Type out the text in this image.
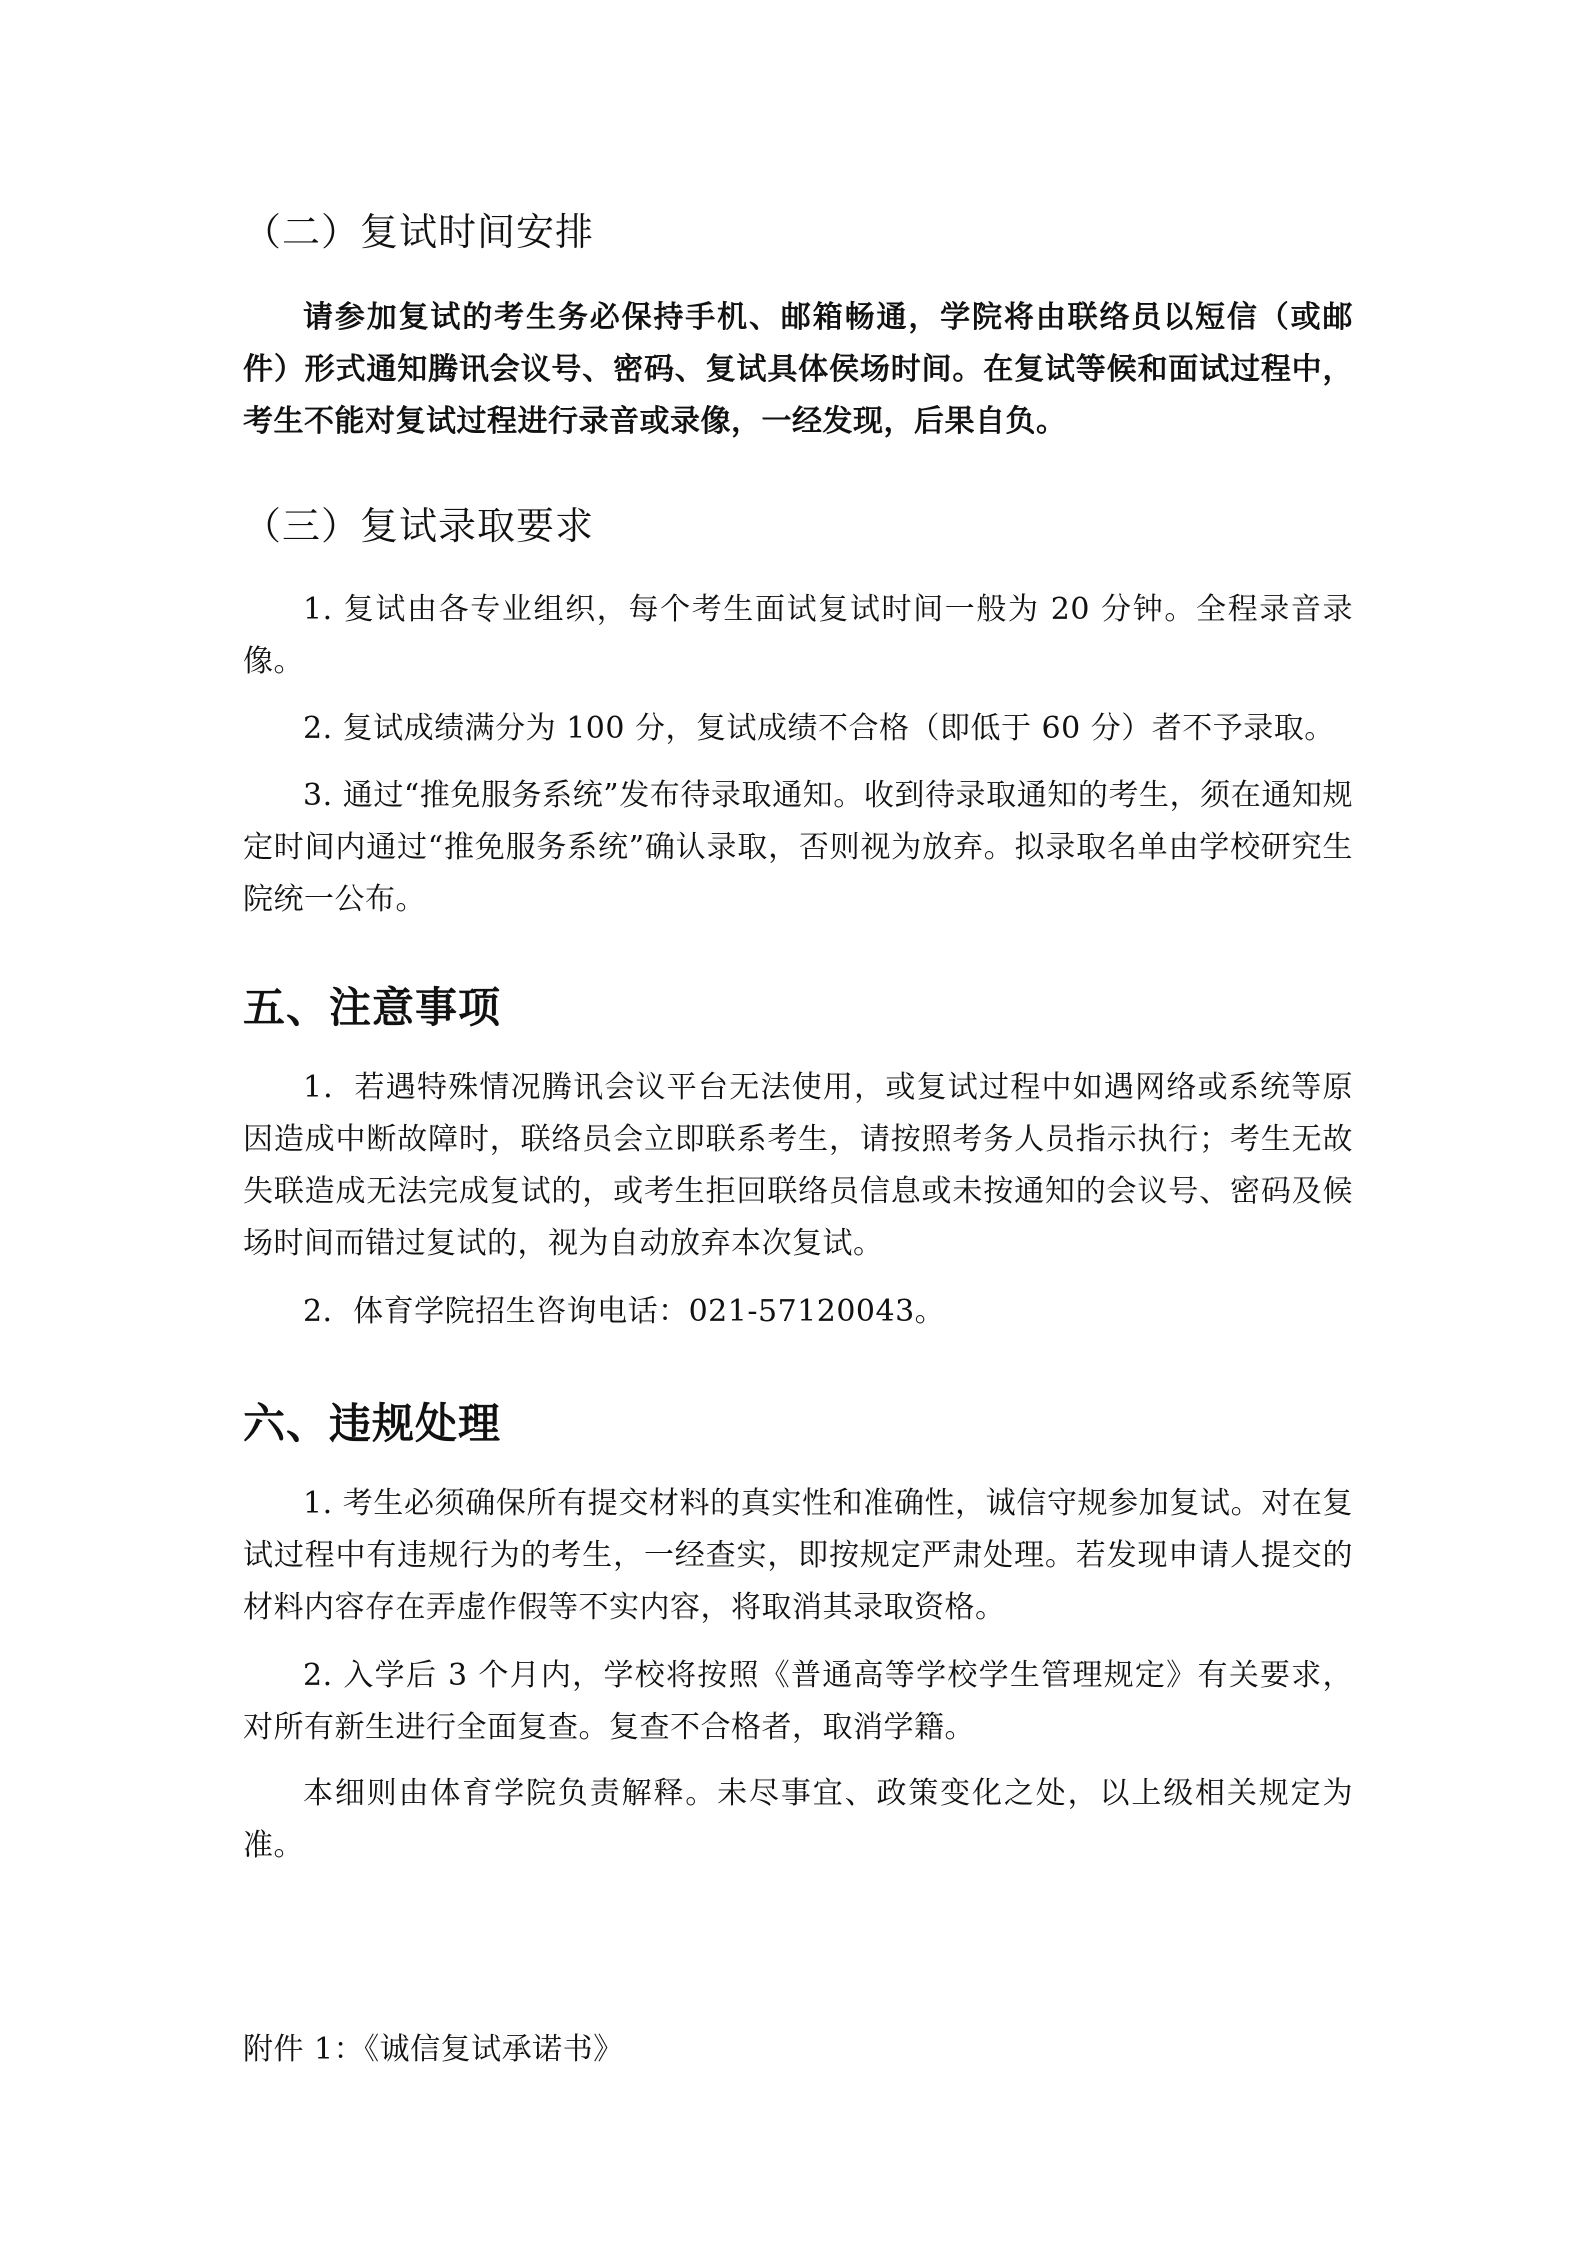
（二）复试时间安排

请参加复试的考生务必保持手机、邮箱畅通，学院将由联络员以短信（或邮件）形式通知腾讯会议号、密码、复试具体侯场时间。在复试等候和面试过程中，考生不能对复试过程进行录音或录像，一经发现，后果自负。

（三）复试录取要求

1. 复试由各专业组织，每个考生面试复试时间一般为 20 分钟。全程录音录像。

2. 复试成绩满分为 100 分，复试成绩不合格（即低于 60 分）者不予录取。

3. 通过“推免服务系统”发布待录取通知。收到待录取通知的考生，须在通知规定时间内通过“推免服务系统”确认录取，否则视为放弃。拟录取名单由学校研究生院统一公布。

五、注意事项

1．若遇特殊情况腾讯会议平台无法使用，或复试过程中如遇网络或系统等原因造成中断故障时，联络员会立即联系考生，请按照考务人员指示执行；考生无故失联造成无法完成复试的，或考生拒回联络员信息或未按通知的会议号、密码及候场时间而错过复试的，视为自动放弃本次复试。

2．体育学院招生咨询电话：021-57120043。

六、违规处理

1. 考生必须确保所有提交材料的真实性和准确性，诚信守规参加复试。对在复试过程中有违规行为的考生，一经查实，即按规定严肃处理。若发现申请人提交的材料内容存在弄虚作假等不实内容，将取消其录取资格。

2. 入学后 3 个月内，学校将按照《普通高等学校学生管理规定》有关要求，对所有新生进行全面复查。复查不合格者，取消学籍。

本细则由体育学院负责解释。未尽事宜、政策变化之处，以上级相关规定为准。

附件 1：《诚信复试承诺书》
